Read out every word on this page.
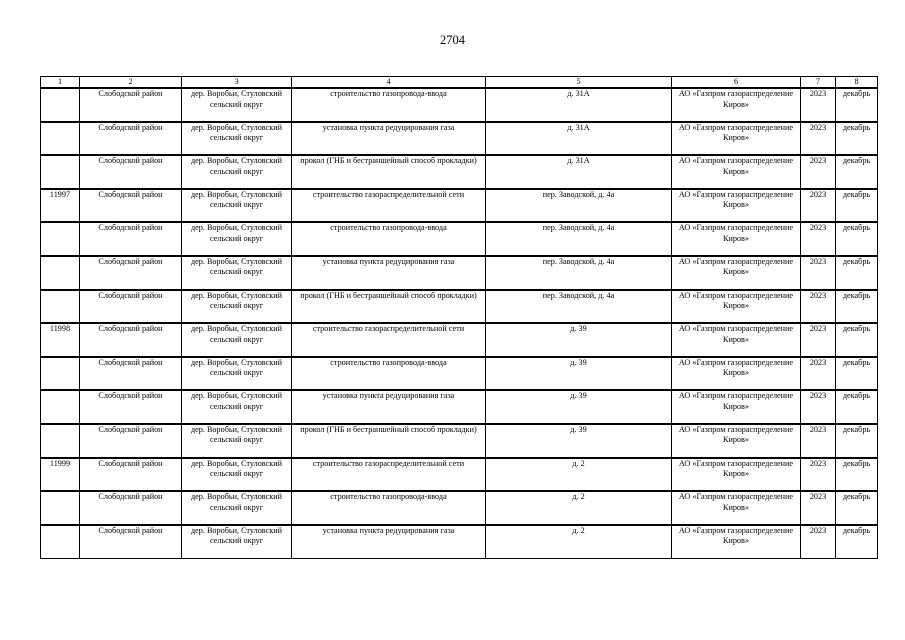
2704
1	2	3	4	5	6	7	8
	Слободской район	дер. Воробьи, Стуловский сельский округ	строительство газопровода-ввода	д. 31А	АО «Газпром газораспределение Киров»	2023	декабрь
	Слободской район	дер. Воробьи, Стуловский сельский округ	установка пункта редуцирования газа	д. 31А	АО «Газпром газораспределение Киров»	2023	декабрь
	Слободской район	дер. Воробьи, Стуловский сельский округ	прокол (ГНБ и бестраншейный способ прокладки)	д. 31А	АО «Газпром газораспределение Киров»	2023	декабрь
11997	Слободской район	дер. Воробьи, Стуловский сельский округ	строительство газораспределительной сети	пер. Заводской, д. 4а	АО «Газпром газораспределение Киров»	2023	декабрь
	Слободской район	дер. Воробьи, Стуловский сельский округ	строительство газопровода-ввода	пер. Заводской, д. 4а	АО «Газпром газораспределение Киров»	2023	декабрь
	Слободской район	дер. Воробьи, Стуловский сельский округ	установка пункта редуцирования газа	пер. Заводской, д. 4а	АО «Газпром газораспределение Киров»	2023	декабрь
	Слободской район	дер. Воробьи, Стуловский сельский округ	прокол (ГНБ и бестраншейный способ прокладки)	пер. Заводской, д. 4а	АО «Газпром газораспределение Киров»	2023	декабрь
11998	Слободской район	дер. Воробьи, Стуловский сельский округ	строительство газораспределительной сети	д. 39	АО «Газпром газораспределение Киров»	2023	декабрь
	Слободской район	дер. Воробьи, Стуловский сельский округ	строительство газопровода-ввода	д. 39	АО «Газпром газораспределение Киров»	2023	декабрь
	Слободской район	дер. Воробьи, Стуловский сельский округ	установка пункта редуцирования газа	д. 39	АО «Газпром газораспределение Киров»	2023	декабрь
	Слободской район	дер. Воробьи, Стуловский сельский округ	прокол (ГНБ и бестраншейный способ прокладки)	д. 39	АО «Газпром газораспределение Киров»	2023	декабрь
11999	Слободской район	дер. Воробьи, Стуловский сельский округ	строительство газораспределительной сети	д. 2	АО «Газпром газораспределение Киров»	2023	декабрь
	Слободской район	дер. Воробьи, Стуловский сельский округ	строительство газопровода-ввода	д. 2	АО «Газпром газораспределение Киров»	2023	декабрь
	Слободской район	дер. Воробьи, Стуловский сельский округ	установка пункта редуцирования газа	д. 2	АО «Газпром газораспределение Киров»	2023	декабрь
